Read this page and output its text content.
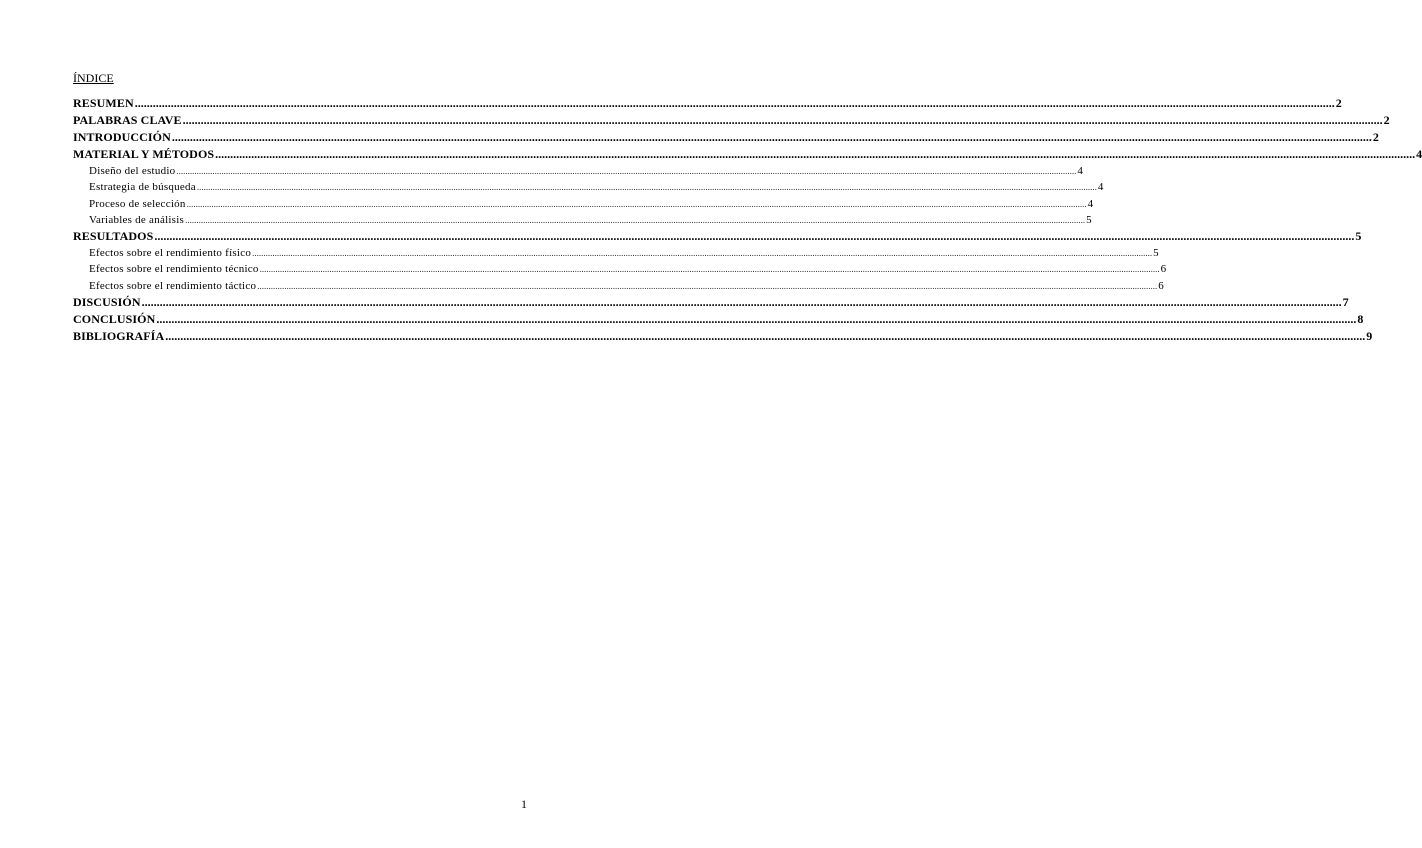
ÍNDICE
RESUMEN ................................................................................................................................................................................................................................................................................................................................................................................................................ 2
PALABRAS CLAVE ................................................................................................................................................................................................................................................................................................................................................................................................................ 2
INTRODUCCIÓN ................................................................................................................................................................................................................................................................................................................................................................................................................ 2
MATERIAL Y MÉTODOS ................................................................................................................................................................................................................................................................................................................................................................................................................ 4
Diseño del estudio ................................................................................................................................................................................................................................................................................................................................................................................................................ 4
Estrategia de búsqueda ................................................................................................................................................................................................................................................................................................................................................................................................................ 4
Proceso de selección ................................................................................................................................................................................................................................................................................................................................................................................................................ 4
Variables de análisis ................................................................................................................................................................................................................................................................................................................................................................................................................ 5
RESULTADOS ................................................................................................................................................................................................................................................................................................................................................................................................................ 5
Efectos sobre el rendimiento físico ................................................................................................................................................................................................................................................................................................................................................................................................................ 5
Efectos sobre el rendimiento técnico ................................................................................................................................................................................................................................................................................................................................................................................................................ 6
Efectos sobre el rendimiento táctico ................................................................................................................................................................................................................................................................................................................................................................................................................ 6
DISCUSIÓN ................................................................................................................................................................................................................................................................................................................................................................................................................ 7
CONCLUSIÓN ................................................................................................................................................................................................................................................................................................................................................................................................................ 8
BIBLIOGRAFÍA ................................................................................................................................................................................................................................................................................................................................................................................................................ 9
1
